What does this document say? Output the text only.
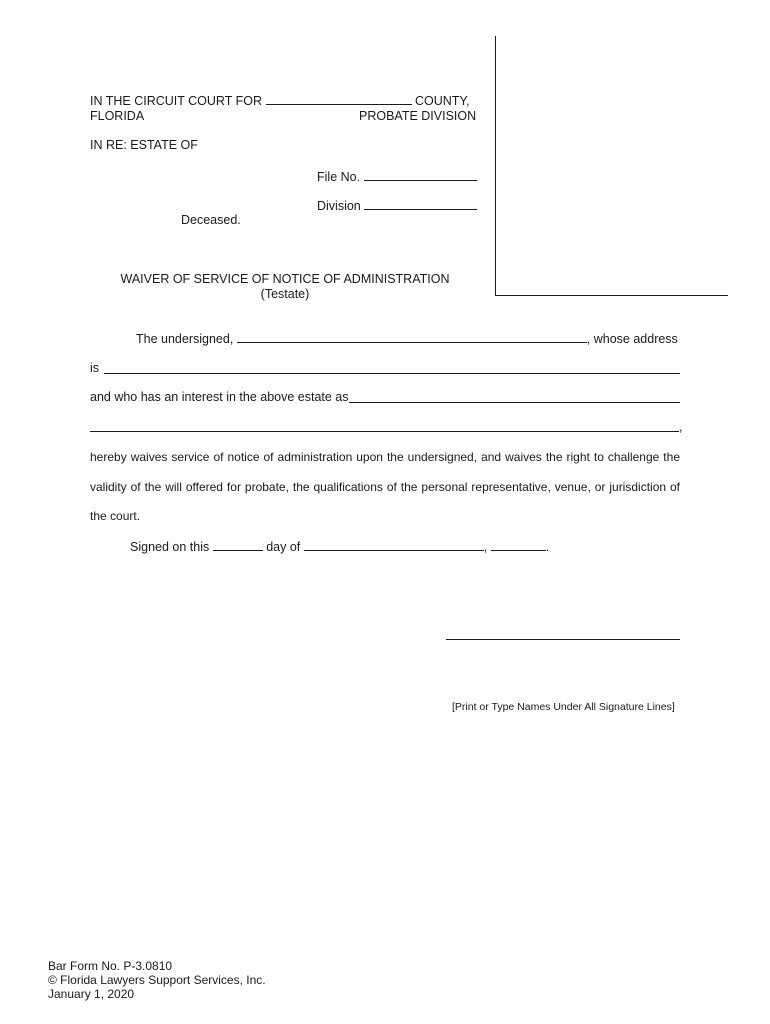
IN THE CIRCUIT COURT FOR	COUNTY,
FLORIDA	PROBATE DIVISION
IN RE: ESTATE OF
File No.
Division
Deceased.
WAIVER OF SERVICE OF NOTICE OF ADMINISTRATION
(Testate)
The undersigned,	, whose address
is
and who has an interest in the above estate as
,
hereby waives service of notice of administration upon the undersigned, and waives the right to challenge the
validity of the will offered for probate, the qualifications of the personal representative, venue, or jurisdiction of
the court.
Signed on this	day of	,	.
[Print or Type Names Under All Signature Lines]
Bar Form No. P-3.0810
© Florida Lawyers Support Services, Inc.
January 1, 2020
